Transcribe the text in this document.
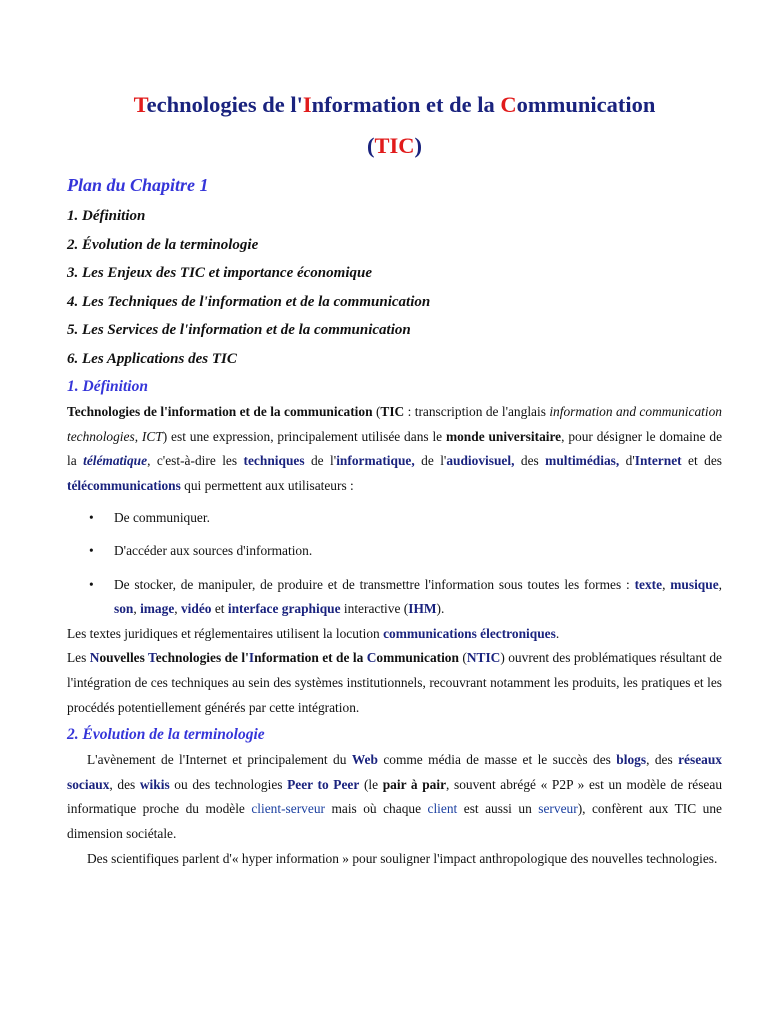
Technologies de l'Information et de la Communication
(TIC)
Plan du Chapitre 1
1. Définition
2. Évolution de la terminologie
3. Les Enjeux des TIC et importance économique
4. Les Techniques de l'information et de la communication
5. Les Services de l'information et de la communication
6. Les Applications des TIC
1. Définition

Technologies de l'information et de la communication (TIC : transcription de l'anglais information and communication technologies, ICT) est une expression, principalement utilisée dans le monde universitaire, pour désigner le domaine de la télématique, c'est-à-dire les techniques de l'informatique, de l'audiovisuel, des multimédias, d'Internet et des télécommunications qui permettent aux utilisateurs :

• De communiquer.
• D'accéder aux sources d'information.
• De stocker, de manipuler, de produire et de transmettre l'information sous toutes les formes : texte, musique, son, image, vidéo et interface graphique interactive (IHM).

Les textes juridiques et réglementaires utilisent la locution communications électroniques.

Les Nouvelles Technologies de l'Information et de la Communication (NTIC) ouvrent des problématiques résultant de l'intégration de ces techniques au sein des systèmes institutionnels, recouvrant notamment les produits, les pratiques et les procédés potentiellement générés par cette intégration.

2. Évolution de la terminologie

L'avènement de l'Internet et principalement du Web comme média de masse et le succès des blogs, des réseaux sociaux, des wikis ou des technologies Peer to Peer (le pair à pair, souvent abrégé « P2P » est un modèle de réseau informatique proche du modèle client-serveur mais où chaque client est aussi un serveur), confèrent aux TIC une dimension sociétale.

Des scientifiques parlent d'« hyper information » pour souligner l'impact anthropologique des nouvelles technologies.
